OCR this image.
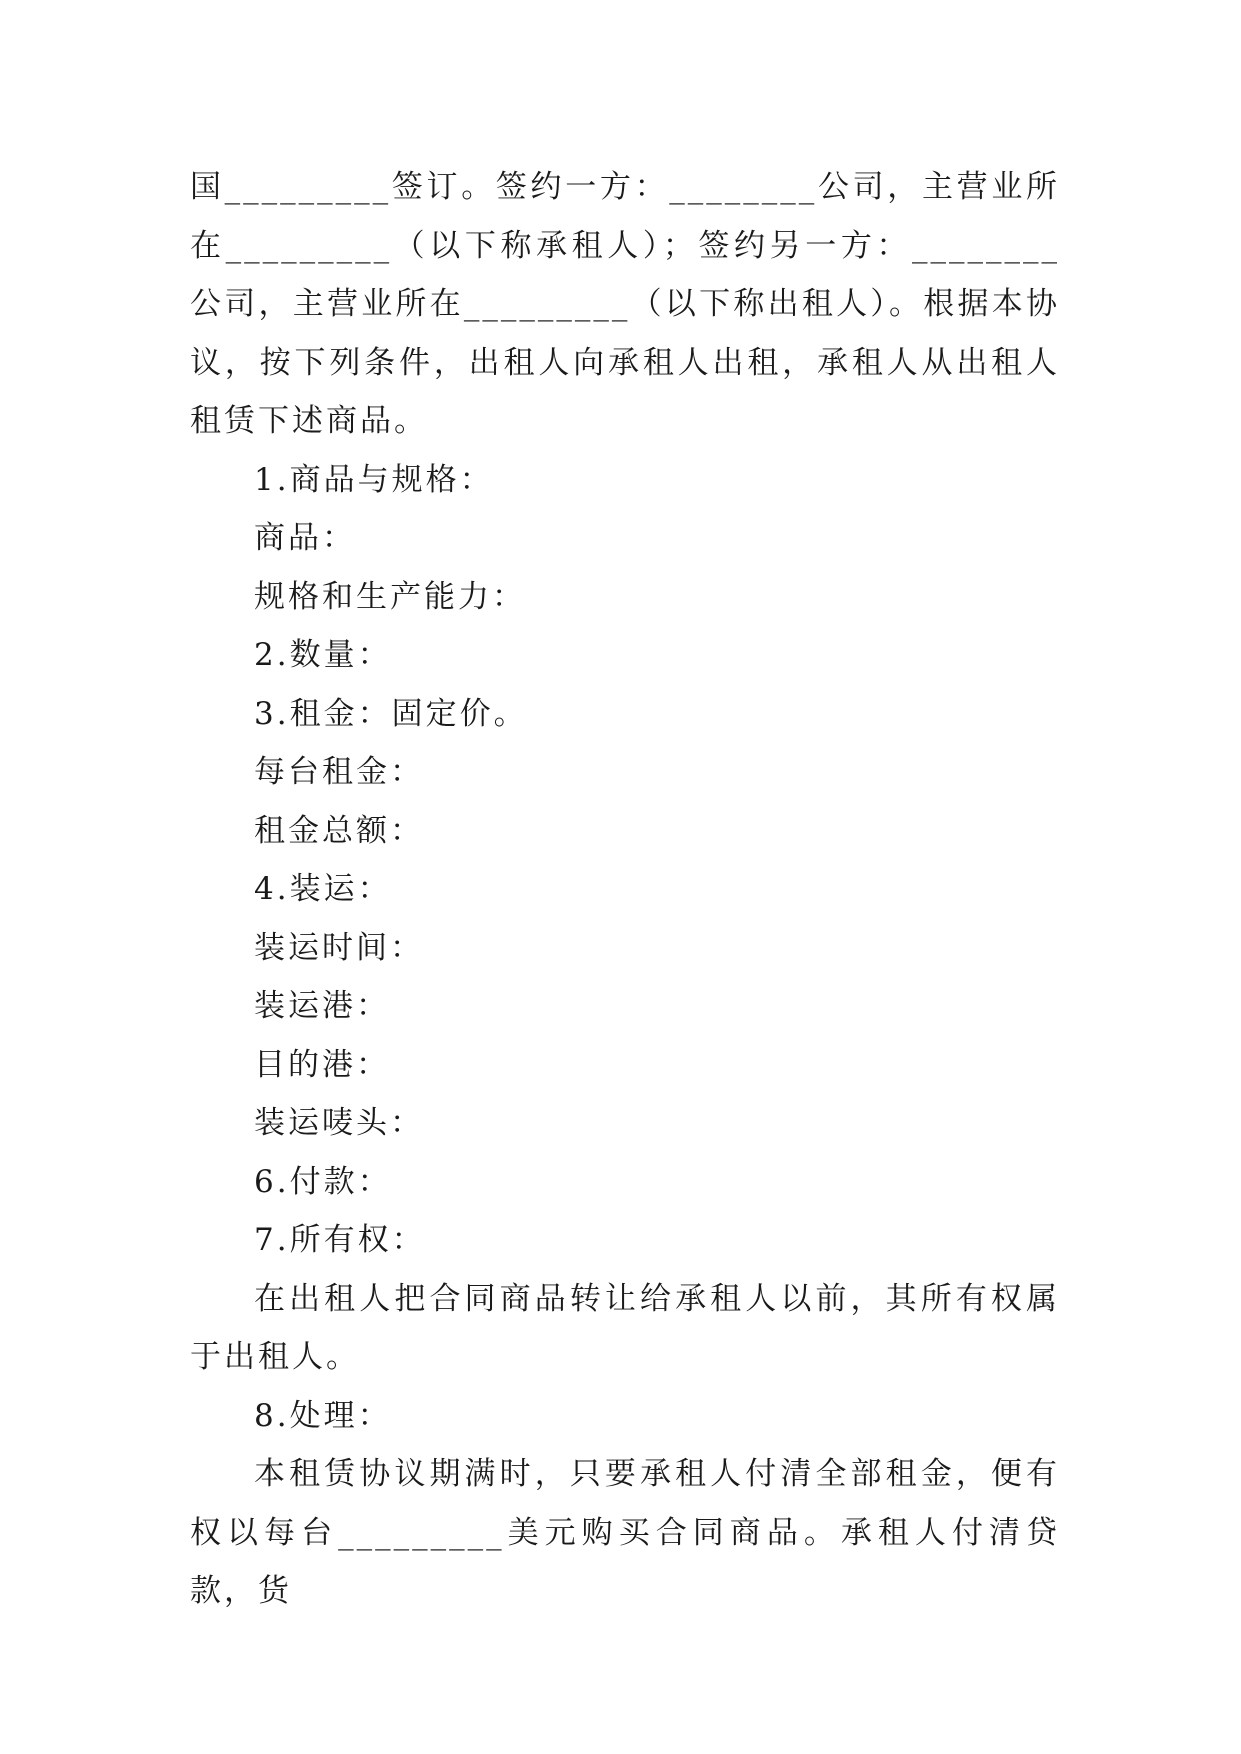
国_________签订。签约一方：________公司，主营业所在_________（以下称承租人）；签约另一方：________公司，主营业所在_________（以下称出租人）。根据本协议，按下列条件，出租人向承租人出租，承租人从出租人租赁下述商品。

1.商品与规格：

商品：

规格和生产能力：

2.数量：

3.租金：固定价。

每台租金：

租金总额：

4.装运：

装运时间：

装运港：

目的港：

装运唛头：

6.付款：

7.所有权：

在出租人把合同商品转让给承租人以前，其所有权属于出租人。

8.处理：

本租赁协议期满时，只要承租人付清全部租金，便有权以每台_________美元购买合同商品。承租人付清贷款，货
